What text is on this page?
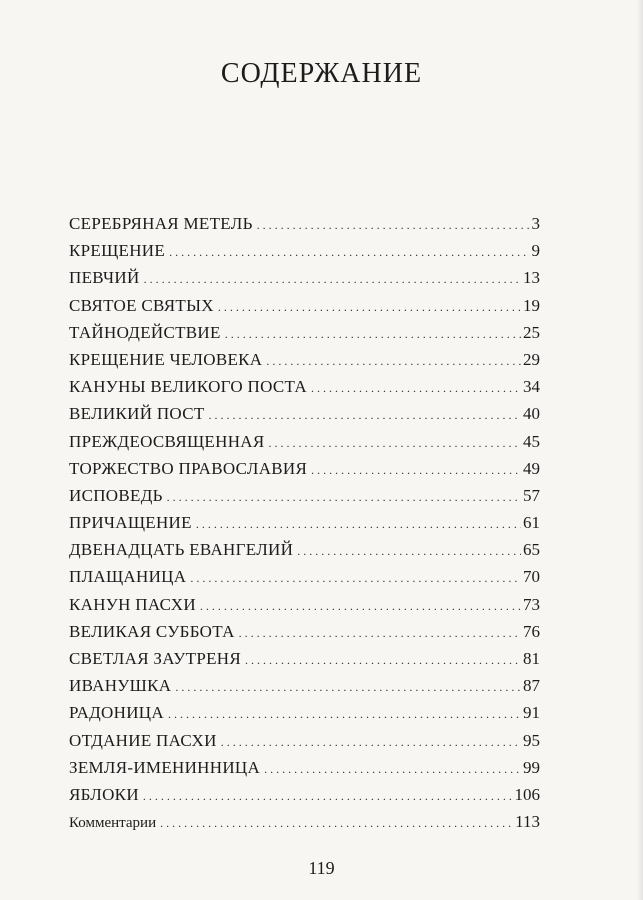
СОДЕРЖАНИЕ
СЕРЕБРЯНАЯ МЕТЕЛЬ . . .	3
КРЕЩЕНИЕ . . .	9
ПЕВЧИЙ . . .	13
СВЯТОЕ СВЯТЫХ . . .	19
ТАЙНОДЕЙСТВИЕ . . .	25
КРЕЩЕНИЕ ЧЕЛОВЕКА . . .	29
КАНУНЫ ВЕЛИКОГО ПОСТА . . .	34
ВЕЛИКИЙ ПОСТ . . .	40
ПРЕЖДЕОСВЯЩЕННАЯ . . .	45
ТОРЖЕСТВО ПРАВОСЛАВИЯ . . .	49
ИСПОВЕДЬ . . .	57
ПРИЧАЩЕНИЕ . . .	61
ДВЕНАДЦАТЬ ЕВАНГЕЛИЙ . . .	65
ПЛАЩАНИЦА . . .	70
КАНУН ПАСХИ . . .	73
ВЕЛИКАЯ СУББОТА . . .	76
СВЕТЛАЯ ЗАУТРЕНЯ . . .	81
ИВАНУШКА . . .	87
РАДОНИЦА . . .	91
ОТДАНИЕ ПАСХИ . . .	95
ЗЕМЛЯ-ИМЕНИННИЦА . . .	99
ЯБЛОКИ . . .	106
Комментарии . . .	113
119
